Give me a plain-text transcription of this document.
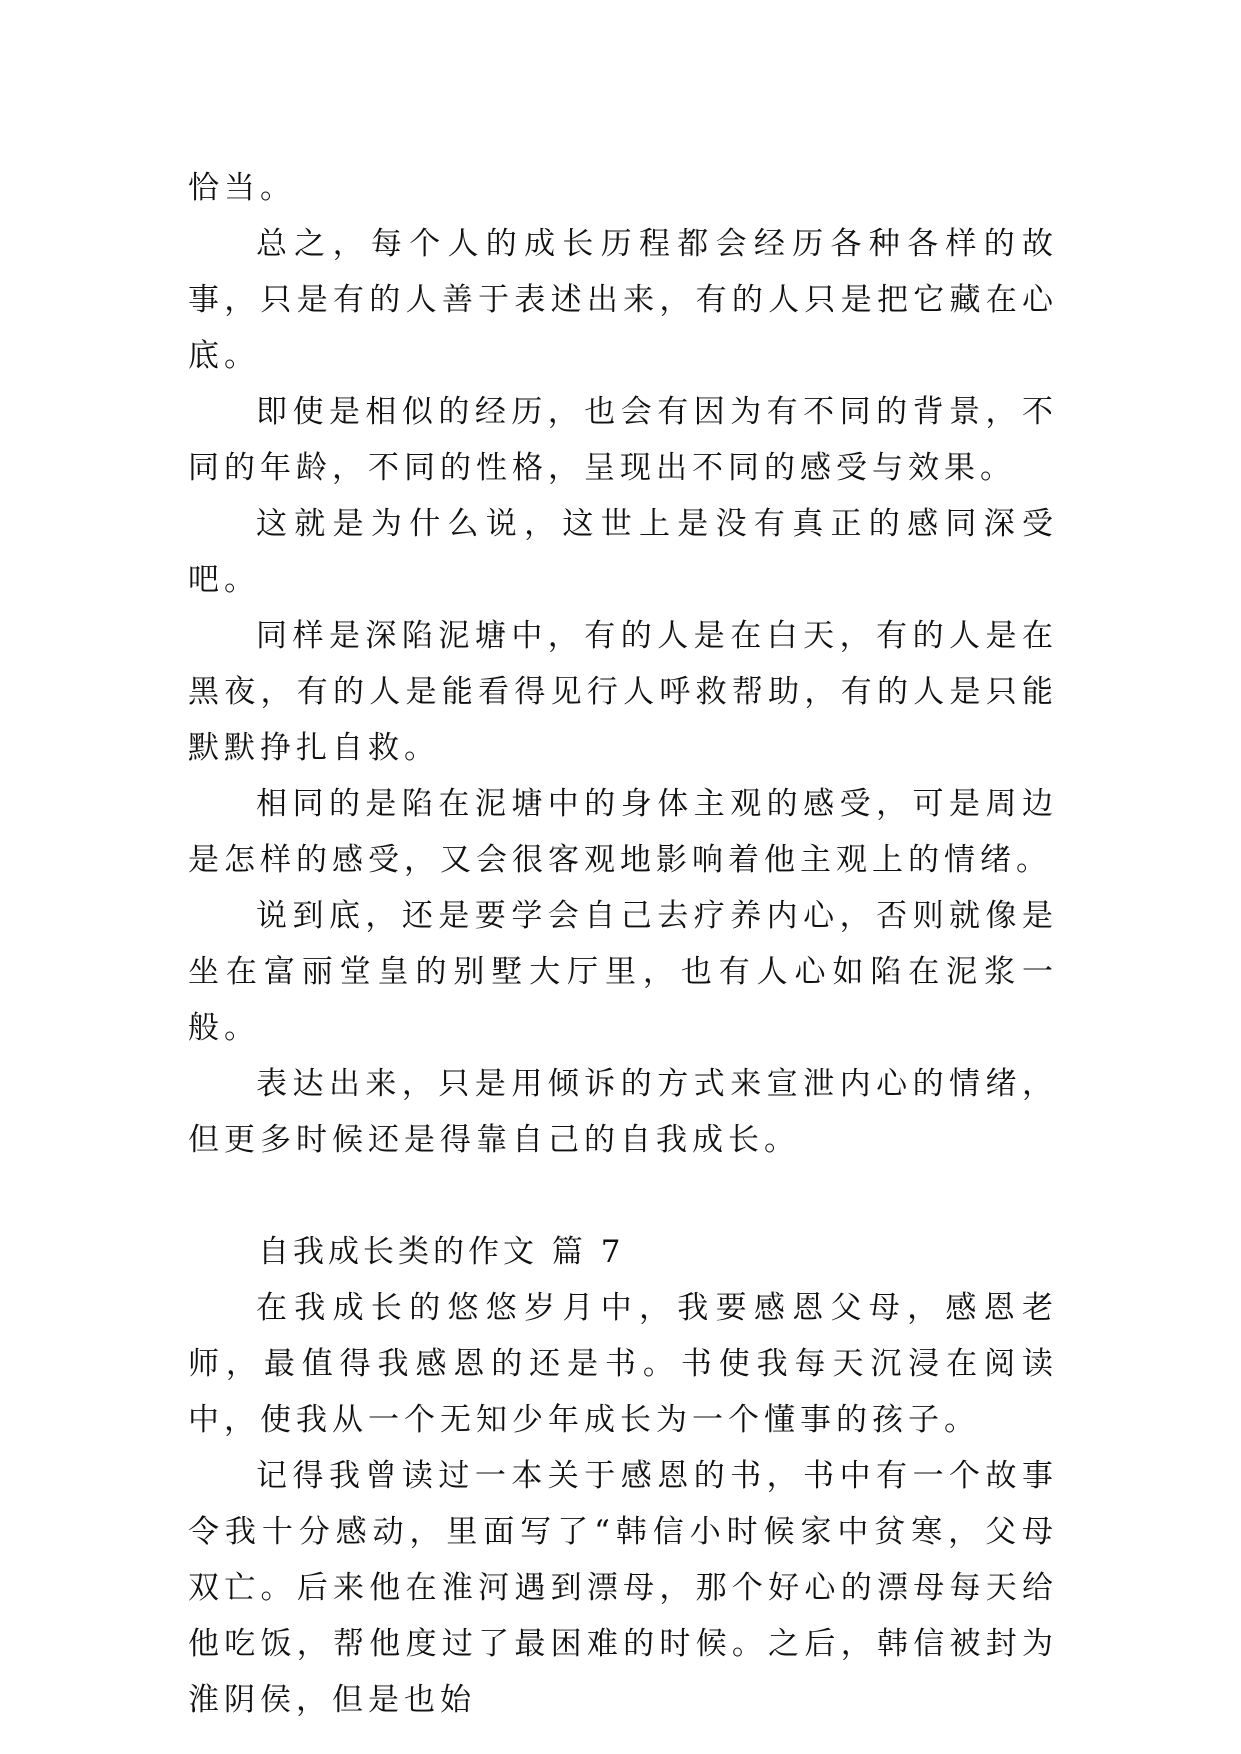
恰当。

总之，每个人的成长历程都会经历各种各样的故事，只是有的人善于表述出来，有的人只是把它藏在心底。

即使是相似的经历，也会有因为有不同的背景，不同的年龄，不同的性格，呈现出不同的感受与效果。

这就是为什么说，这世上是没有真正的感同深受吧。

同样是深陷泥塘中，有的人是在白天，有的人是在黑夜，有的人是能看得见行人呼救帮助，有的人是只能默默挣扎自救。

相同的是陷在泥塘中的身体主观的感受，可是周边是怎样的感受，又会很客观地影响着他主观上的情绪。

说到底，还是要学会自己去疗养内心，否则就像是坐在富丽堂皇的别墅大厅里，也有人心如陷在泥浆一般。

表达出来，只是用倾诉的方式来宣泄内心的情绪，但更多时候还是得靠自己的自我成长。

自我成长类的作文 篇 7

在我成长的悠悠岁月中，我要感恩父母，感恩老师，最值得我感恩的还是书。书使我每天沉浸在阅读中，使我从一个无知少年成长为一个懂事的孩子。

记得我曾读过一本关于感恩的书，书中有一个故事令我十分感动，里面写了“韩信小时候家中贫寒，父母双亡。后来他在淮河遇到漂母，那个好心的漂母每天给他吃饭，帮他度过了最困难的时候。之后，韩信被封为淮阴侯，但是也始
